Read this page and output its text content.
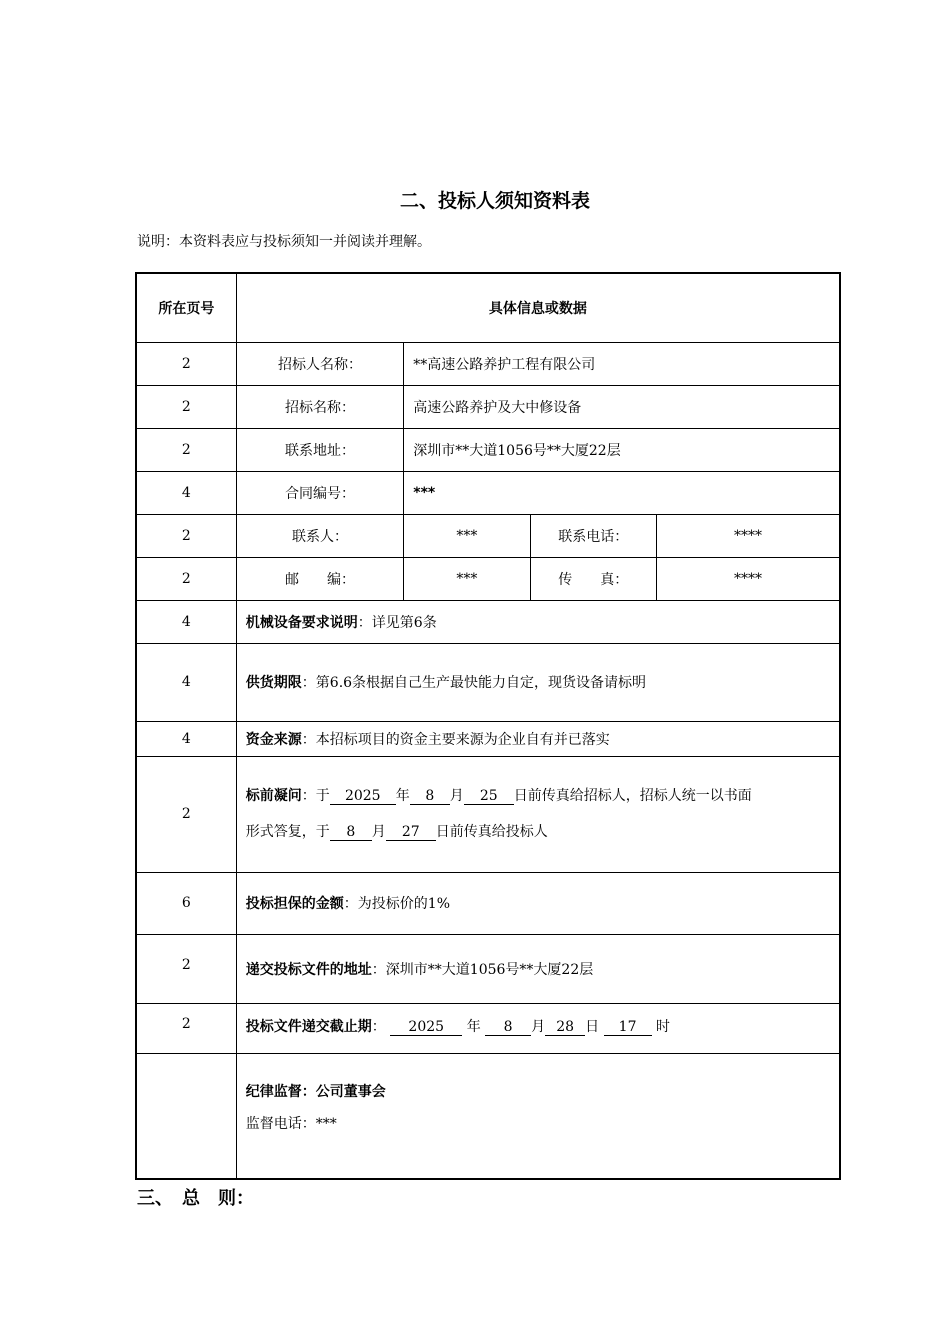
二、投标人须知资料表
说明：本资料表应与投标须知一并阅读并理解。
所在页号	具体信息或数据			
2	招标人名称：	**高速公路养护工程有限公司		
2	招标名称：	高速公路养护及大中修设备		
2	联系地址：	深圳市**大道1056号**大厦22层		
4	合同编号：	***		
2	联系人：	***	联系电话：	****
2	邮　　编：	***	传　　真：	****
4	机械设备要求说明：详见第6条			
4	供货期限：第6.6条根据自己生产最快能力自定，现货设备请标明			
4	资金来源：本招标项目的资金主要来源为企业自有并已落实			
2	标前凝问：于 2025 年 8 月 25 日前传真给招标人，招标人统一以书面
形式答复，于 8 月 27 日前传真给投标人			

6	投标担保的金额：为投标价的1%			
2	递交投标文件的地址：深圳市**大道1056号**大厦22层			
2	投标文件递交截止期： 2025 年 8 月 28 日 17 时			

	纪律监督：公司董事会
监督电话：***			
三、　总　则：
